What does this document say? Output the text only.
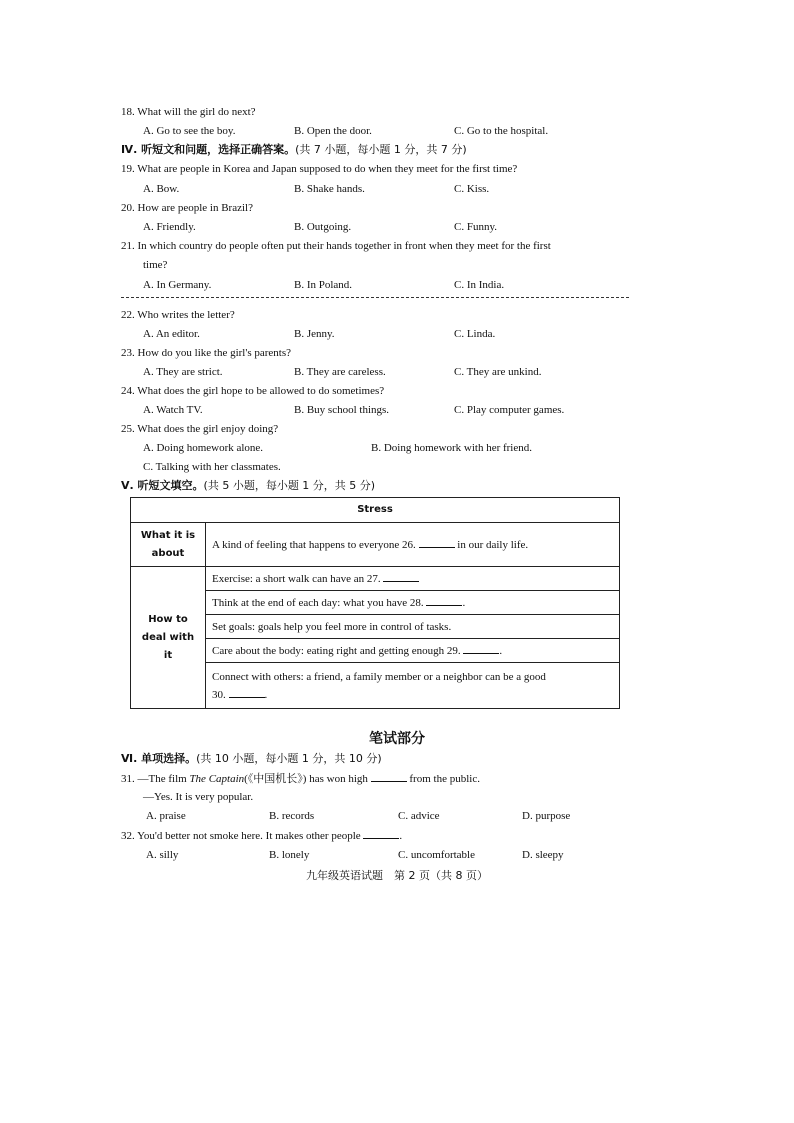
18. What will the girl do next?
A. Go to see the boy.	B. Open the door.	C. Go to the hospital.
Ⅳ. 听短文和问题，选择正确答案。(共 7 小题，每小题 1 分，共 7 分)
19. What are people in Korea and Japan supposed to do when they meet for the first time?
A. Bow.	B. Shake hands.	C. Kiss.
20. How are people in Brazil?
A. Friendly.	B. Outgoing.	C. Funny.
21. In which country do people often put their hands together in front when they meet for the first
time?
A. In Germany.	B. In Poland.	C. In India.
22. Who writes the letter?
A. An editor.	B. Jenny.	C. Linda.
23. How do you like the girl's parents?
A. They are strict.	B. They are careless.	C. They are unkind.
24. What does the girl hope to be allowed to do sometimes?
A. Watch TV.	B. Buy school things.	C. Play computer games.
25. What does the girl enjoy doing?
A. Doing homework alone.	B. Doing homework with her friend.
C. Talking with her classmates.
Ⅴ. 听短文填空。(共 5 小题，每小题 1 分，共 5 分)
Stress	
What it is about	A kind of feeling that happens to everyone 26. in our daily life.
How to deal with it	Exercise: a short walk can have an 27.
	Think at the end of each day: what you have 28. .
	Set goals: goals help you feel more in control of tasks.
	Care about the body: eating right and getting enough 29. .
	Connect with others: a friend, a family member or a neighbor can be a good
30. .
笔试部分
Ⅵ. 单项选择。(共 10 小题，每小题 1 分，共 10 分)
31. —The film The Captain(《中国机长》) has won high	from the public.
—Yes. It is very popular.
A. praise	B. records	C. advice	D. purpose
32. You'd better not smoke here. It makes other people	.
A. silly	B. lonely	C. uncomfortable	D. sleepy
九年级英语试题　第 2 页（共 8 页）
